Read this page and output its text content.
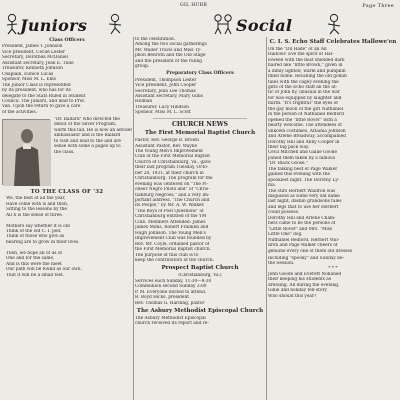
GIL HUBB	Page Three
Juniors	Social
Class Officers
President, James T. Johnson
Vice president, Cecile Lester
Secretary, Dorothea McDaniel
Assistant secretary, Jean E. Tillie
Treasurer, Kenneth Johnson
Chaplain, Eunice Lucas
Sponsor, Miss M. L. Ellis
The Junior Class is represented
by its president, who has for its
delegate to the Stats Ruled in Student
Council. The Juniors, and lead to Prof.
Van. Upon the return to gave a care
of the activities.
"Dr. Ballard" who directed the
debut of the Silver Program,
warm this fall. He is now an adviser
ambassador and is the Ballard
to visit and lead to the and are
sense with some a pages up to
the class.
TO THE CLASS OF '32
We, the best of all the year,
Have come with is and then,
Sitting to the lessons by the
All X is the sense of three.

Mothers say whether it is old
Think of the old C. I. pell.
Think of those who give as
hearing are to grow in their lives.

Then, we hope all of us of
One and for the same,
And is this were the meet
Our path will be found as our own.
That it will be a small test.
to the celebration.
Among the two social gatherings
Mr. Waller Travis and Miss Ty-
phon Benroth and the Old Stage
and the president of the ruling
group.
Preparatory Class Officers
President, Thompson Lester
Vice president, John Cooper
Secretary, Jean Lee Thomas
Assistant secretary, Mary Gillis
Holman
Treasurer, Lucy Hindson
Sponsor, Miss M. L. Scott
CHURCH NEWS
The First Memorial Baptist Church
Pastor, Rev. George B. Brown
Assistant Pastor, Rev. Wayne
The Young Men's Improvement
Club of the First Memorial Baptist
Church of Christianburg, Va., gave
their last program Tuesday, Octo-
ber 20, 1931, at their church in
Christianburg. The program for the
evening was centered on "The Pi-
oneer Negro Pilots and" of "Chris-
tianburg Negroes," and a very im-
portant address, "The Church and
its People," by Mr. A. W. Walker.
"The Boys of Post Questions" of
Christianburg entitled of the YM
Club. Members Attended: James
James Mims, Robert Franklin and
Hugh Johnson. The Young Men's
Improvement Club was founded by
Rev. Mr. Coyle, ordained pastor of
the First Memorial Baptist church.
The purpose of this club is to
keep the contributors of the church.
Prospect Baptist Church
(Christianburg, Va.)
Services each Sunday, 11:30—8:30
Communion second Sunday 3:00
P. M. Everyone invited to attend.
B. Boyd Hicks, president
Rev. Thomas G. Harding, pastor
The Asbury Methodist Episcopal Church
The Asbury Methodist Episcopal
church received its report and re-
C. I. S. Echo Staff Celebrates Hallowe'en
On the "Dil Hade" of an All
Hallows' Eve the spirit of Hal-
loween with the mist shielded dark
haired like "little Brown," given in
a dimly lighted, warm and pumpkin
filled home. Recalling the old goblin
tales with the cagey evening the
girls of the Echo staff an the at-
tic of John fly, unusual in the war
for was equipped by laughter and
mirth. "It's frightful" the eyes of
the gay moon of the girl Nathaniel
in the person of Nathaniel Bedford
opened the "little Rover" with a
hearty welcome. The attendees of
unkown costumes, Attaihia Johnson
and Arlene Broadway, accompanied
Dorothy Hill and Anny Cooper in
their big pack way.
Cecil Mitchell and Gallie Goode
joined them taken by a famous
"Dr. Black Goose."
The talking best of Page Walker
gained this evening with the
spookiest night. The Dorothy Ly-
ma.
The stirs Herbert Waldron was
disguised as some very old dame
last night, dashin grandsons tales
and legs that to use her Herbert
could possess.
Dorothy Hill and Arlene Cham-
bers came to be the persons of
"Little Rover" and Mrs. "Miss
Little One" dog.
Nathaniel Bedford, Herbert Wal-
dron and Page Walker cheers of
genuine every one of them old dresses
including "spooky" and Sunday be-
the Session.
* * *
John Goode and Everett Nollaned
their keeping his students as
dressing. All during the evening,
Gillie and holiday tell-story
Who should this year?
